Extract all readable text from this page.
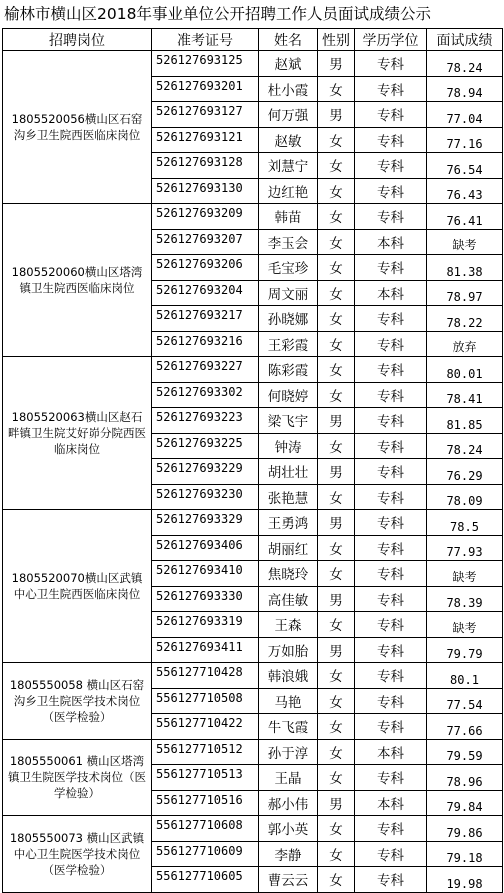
榆林市横山区2018年事业单位公开招聘工作人员面试成绩公示
招聘岗位	准考证号	姓名	性别	学历学位	面试成绩
1805520056横山区石窑沟乡卫生院西医临床岗位	526127693125	赵斌	男	专科	78.24
	526127693201	杜小霞	女	专科	78.94
	526127693127	何万强	男	专科	77.04
	526127693121	赵敏	女	专科	77.16
	526127693128	刘慧宁	女	专科	76.54
	526127693130	边红艳	女	专科	76.43
1805520060横山区塔湾镇卫生院西医临床岗位	526127693209	韩苗	女	专科	76.41
	526127693207	李玉会	女	本科	缺考
	526127693206	毛宝珍	女	专科	81.38
	526127693204	周文丽	女	本科	78.97
	526127693217	孙晓娜	女	专科	78.22
	526127693216	王彩霞	女	专科	放弃
1805520063横山区赵石畔镇卫生院艾好峁分院西医临床岗位	526127693227	陈彩霞	女	专科	80.01
	526127693302	何晓婷	女	专科	78.41
	526127693223	梁飞宇	男	专科	81.85
	526127693225	钟涛	女	专科	78.24
	526127693229	胡壮壮	男	专科	76.29
	526127693230	张艳慧	女	专科	78.09
1805520070横山区武镇中心卫生院西医临床岗位	526127693329	王勇鸿	男	专科	78.5
	526127693406	胡丽红	女	专科	77.93
	526127693410	焦晓玲	女	专科	缺考
	526127693330	高佳敏	男	专科	78.39
	526127693319	王森	女	专科	缺考
	526127693411	万如胎	男	专科	79.79
1805550058 横山区石窑沟乡卫生院医学技术岗位（医学检验）	556127710428	韩浪娥	女	专科	80.1
	556127710508	马艳	女	专科	77.54
	556127710422	牛飞霞	女	专科	77.66
1805550061 横山区塔湾镇卫生院医学技术岗位（医学检验）	556127710512	孙于淳	女	本科	79.59
	556127710513	王晶	女	专科	78.96
	556127710516	郝小伟	男	本科	79.84
1805550073 横山区武镇中心卫生院医学技术岗位（医学检验）	556127710608	郭小英	女	专科	79.86
	556127710609	李静	女	专科	79.18
	556127710605	曹云云	女	专科	19.98
